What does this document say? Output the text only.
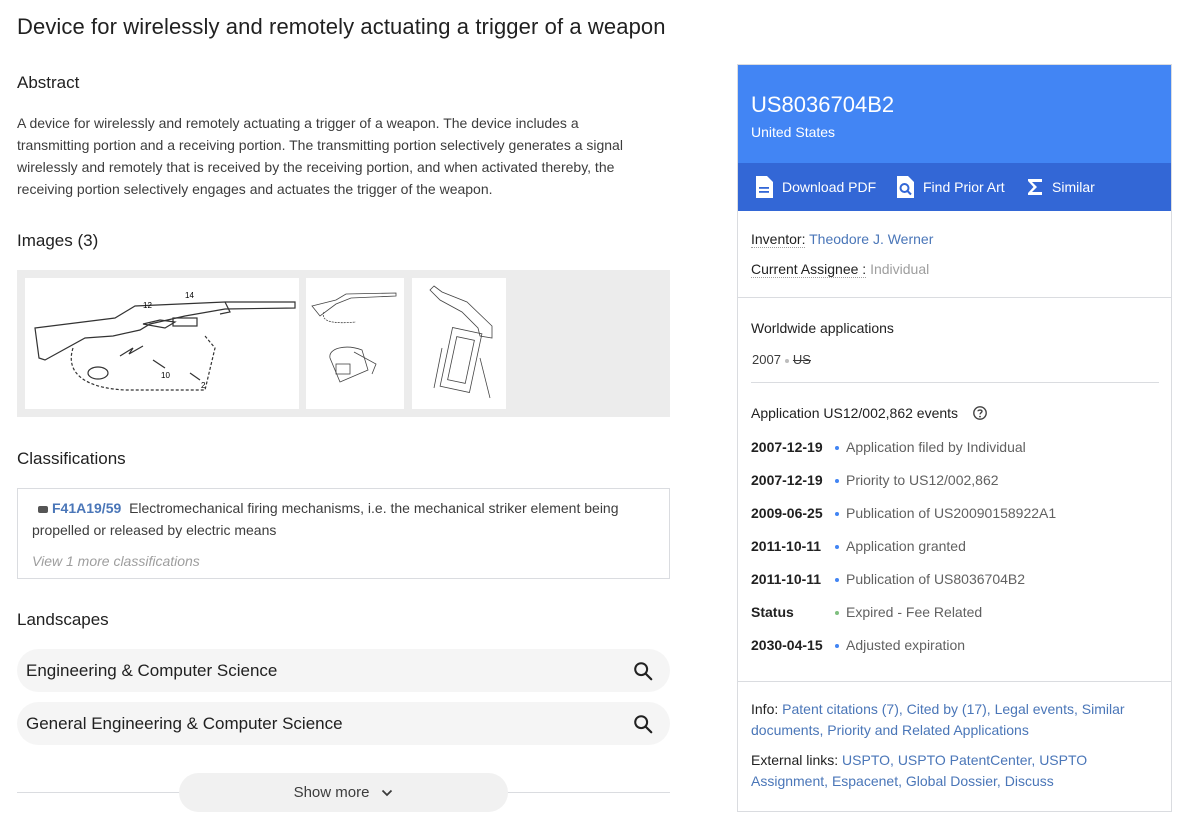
Device for wirelessly and remotely actuating a trigger of a weapon
Abstract
A device for wirelessly and remotely actuating a trigger of a weapon. The device includes a
transmitting portion and a receiving portion. The transmitting portion selectively generates a signal
wirelessly and remotely that is received by the receiving portion, and when activated thereby, the
receiving portion selectively engages and actuates the trigger of the weapon.
Images (3)
12
14
10
2
Classifications
F41A19/59 Electromechanical firing mechanisms, i.e. the mechanical striker element being propelled or released by electric means
View 1 more classifications
Landscapes
Engineering & Computer Science
General Engineering & Computer Science
Show more
US8036704B2
United States
Download PDF	Find Prior Art	Similar
Inventor: Theodore J. Werner
Current Assignee : Individual
Worldwide applications
2007 US
Application US12/002,862 events
2007-12-19	Application filed by Individual
2007-12-19	Priority to US12/002,862
2009-06-25	Publication of US20090158922A1
2011-10-11	Application granted
2011-10-11	Publication of US8036704B2
Status	Expired - Fee Related
2030-04-15	Adjusted expiration
Info: Patent citations (7), Cited by (17), Legal events, Similar
documents, Priority and Related Applications
External links: USPTO, USPTO PatentCenter, USPTO
Assignment, Espacenet, Global Dossier, Discuss
